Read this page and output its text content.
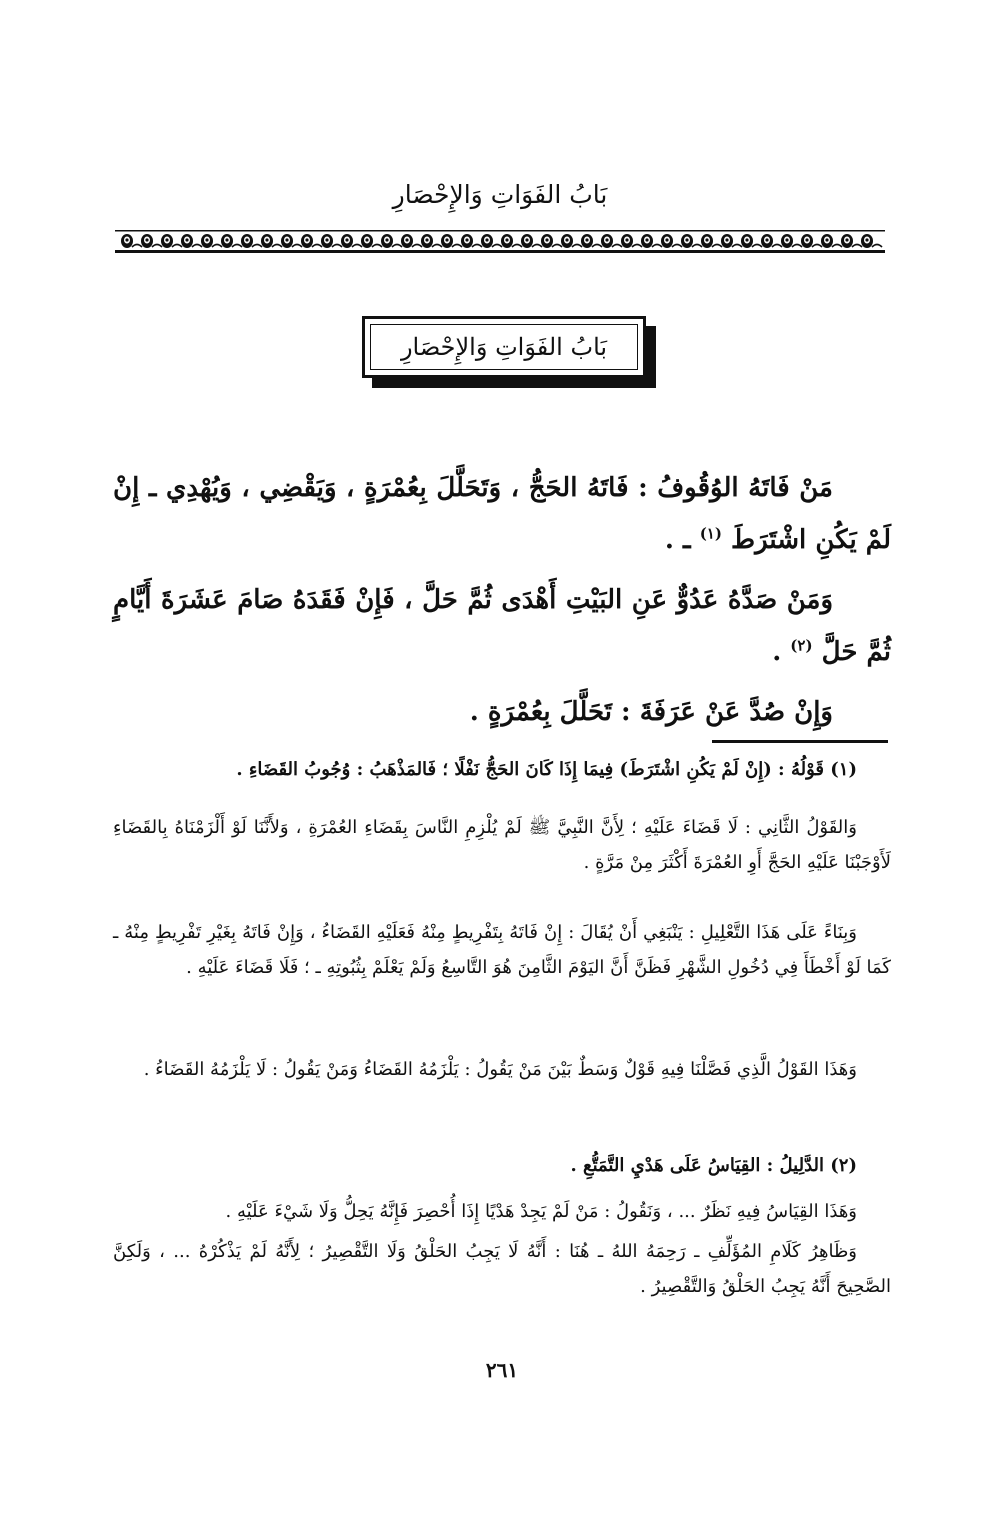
بَابُ الفَوَاتِ وَالإِحْصَارِ
بَابُ الفَوَاتِ وَالإِحْصَارِ

مَنْ فَاتَهُ الوُقُوفُ : فَاتَهُ الحَجُّ ، وَتَحَلَّلَ بِعُمْرَةٍ ، وَيَقْضِي ، وَيُهْدِي ـ إِنْ لَمْ يَكُنِ اشْتَرَطَ $^{(١)}$ ـ .

وَمَنْ صَدَّهُ عَدُوٌّ عَنِ البَيْتِ أَهْدَى ثُمَّ حَلَّ ، فَإِنْ فَقَدَهُ صَامَ عَشَرَةَ أَيَّامٍ ثُمَّ حَلَّ $^{(٢)}$ .

وَإِنْ صُدَّ عَنْ عَرَفَةَ : تَحَلَّلَ بِعُمْرَةٍ .

(١) قَوْلُهُ : (إِنْ لَمْ يَكُنِ اشْتَرَطَ) فِيمَا إِذَا كَانَ الحَجُّ نَفْلًا ؛ فَالمَذْهَبُ : وُجُوبُ القَضَاءِ .

وَالقَوْلُ الثَّانِي : لَا قَضَاءَ عَلَيْهِ ؛ لِأَنَّ النَّبِيَّ ﷺ لَمْ يُلْزِمِ النَّاسَ بِقَضَاءِ العُمْرَةِ ، وَلأَنَّنَا لَوْ أَلْزَمْنَاهُ بِالقَضَاءِ لَأَوْجَبْنَا عَلَيْهِ الحَجَّ أَوِ العُمْرَةَ أَكْثَرَ مِنْ مَرَّةٍ .

وَبِنَاءً عَلَى هَذَا التَّعْلِيلِ : يَنْبَغِي أَنْ يُقَالَ : إِنْ فَاتَهُ بِتَفْرِيطٍ مِنْهُ فَعَلَيْهِ القَضَاءُ ، وَإِنْ فَاتَهُ بِغَيْرِ تَفْرِيطٍ مِنْهُ ـ كَمَا لَوْ أَخْطَأَ فِي دُخُولِ الشَّهْرِ فَظَنَّ أَنَّ اليَوْمَ الثَّامِنَ هُوَ التَّاسِعُ وَلَمْ يَعْلَمْ بِثُبُوتِهِ ـ ؛ فَلَا قَضَاءَ عَلَيْهِ .

وَهَذَا القَوْلُ الَّذِي فَصَّلْنَا فِيهِ قَوْلٌ وَسَطٌ بَيْنَ مَنْ يَقُولُ : يَلْزَمُهُ القَضَاءُ وَمَنْ يَقُولُ : لَا يَلْزَمُهُ القَضَاءُ .

(٢) الدَّلِيلُ : القِيَاسُ عَلَى هَدْيِ التَّمَتُّعِ .

وَهَذَا القِيَاسُ فِيهِ نَظَرٌ ... ، وَنَقُولُ : مَنْ لَمْ يَجِدْ هَدْيًا إِذَا أُحْصِرَ فَإِنَّهُ يَحِلُّ وَلَا شَيْءَ عَلَيْهِ .

وَظَاهِرُ كَلَامِ المُؤَلِّفِ ـ رَحِمَهُ اللهُ ـ هُنَا : أَنَّهُ لَا يَجِبُ الحَلْقُ وَلَا التَّقْصِيرُ ؛ لِأَنَّهُ لَمْ يَذْكُرْهُ ... ، وَلَكِنَّ الصَّحِيحَ أَنَّهُ يَجِبُ الحَلْقُ وَالتَّقْصِيرُ .

٢٦١
